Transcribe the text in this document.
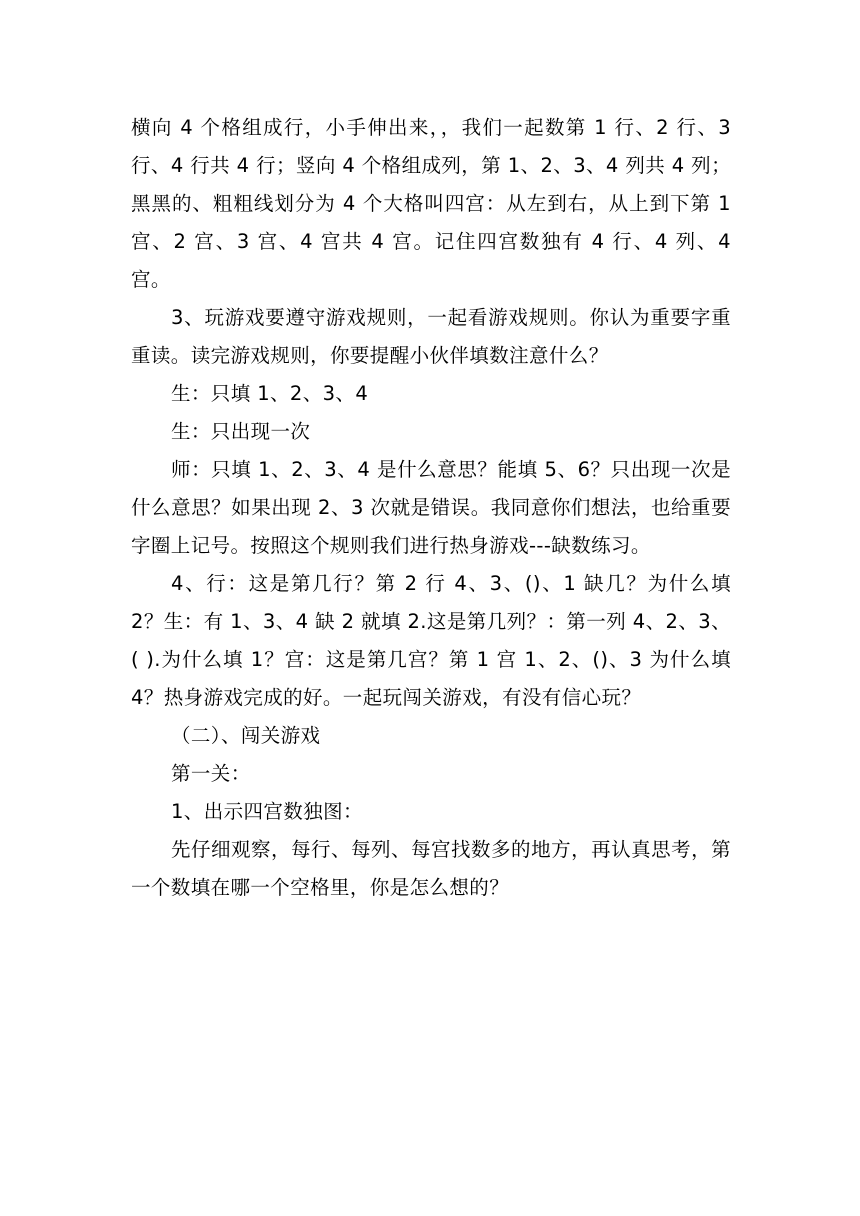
横向 4 个格组成行，小手伸出来，，我们一起数第 1 行、2 行、3 行、4 行共 4 行；竖向 4 个格组成列，第 1、2、3、4 列共 4 列；黑黑的、粗粗线划分为 4 个大格叫四宫：从左到右，从上到下第 1 宫、2 宫、3 宫、4 宫共 4 宫。记住四宫数独有 4 行、4 列、4 宫。

3、玩游戏要遵守游戏规则，一起看游戏规则。你认为重要字重重读。读完游戏规则，你要提醒小伙伴填数注意什么？

生：只填 1、2、3、4

生：只出现一次

师：只填 1、2、3、4 是什么意思？能填 5、6？只出现一次是什么意思？如果出现 2、3 次就是错误。我同意你们想法，也给重要字圈上记号。按照这个规则我们进行热身游戏---缺数练习。

4、行：这是第几行？第 2 行 4、3、()、1 缺几？为什么填 2？生：有 1、3、4 缺 2 就填 2.这是第几列？：第一列 4、2、3、( ).为什么填 1？宫：这是第几宫？第 1 宫 1、2、()、3 为什么填 4？热身游戏完成的好。一起玩闯关游戏，有没有信心玩？

（二）、闯关游戏

第一关：

1、出示四宫数独图：

先仔细观察，每行、每列、每宫找数多的地方，再认真思考，第一个数填在哪一个空格里，你是怎么想的？
